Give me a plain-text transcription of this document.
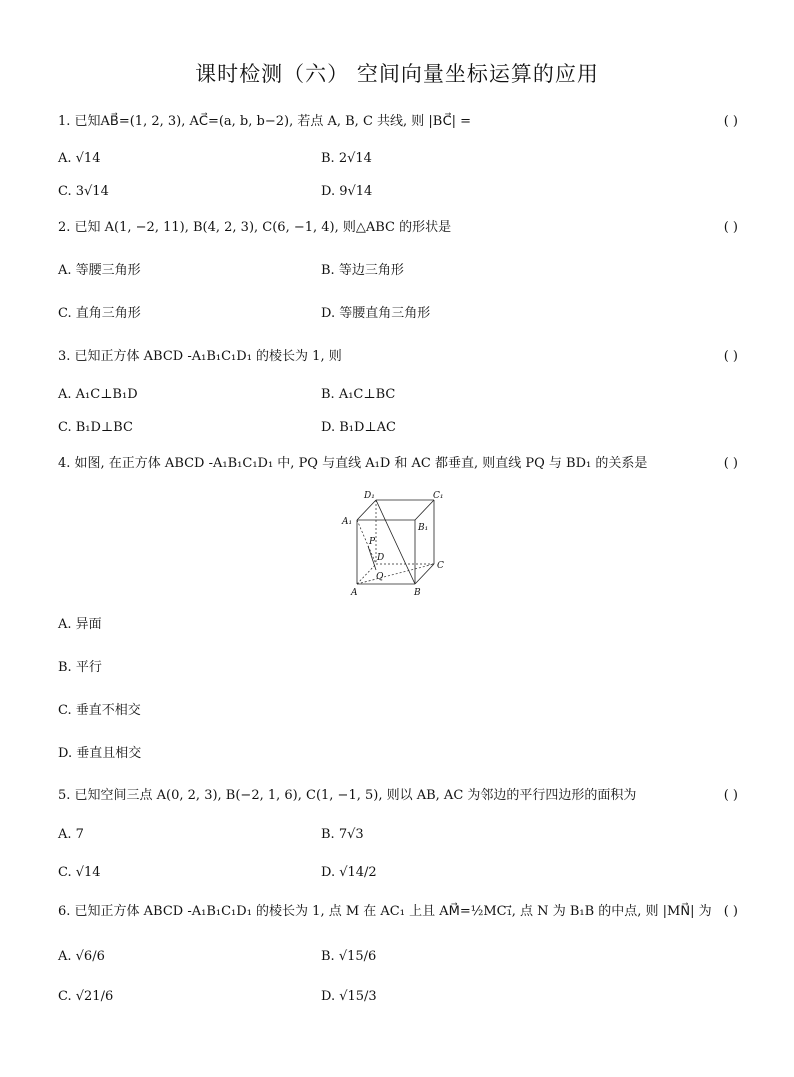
课时检测（六） 空间向量坐标运算的应用
1. 已知AB⃗=(1, 2, 3), AC⃗=(a, b, b−2), 若点 A, B, C 共线, 则 |BC⃗| =	( )
A. √14	B. 2√14
C. 3√14	D. 9√14
2. 已知 A(1, −2, 11), B(4, 2, 3), C(6, −1, 4), 则△ABC 的形状是	( )
A. 等腰三角形	B. 等边三角形
C. 直角三角形	D. 等腰直角三角形
3. 已知正方体 ABCD -A₁B₁C₁D₁ 的棱长为 1, 则	( )
A. A₁C⊥B₁D	B. A₁C⊥BC
C. B₁D⊥BC	D. B₁D⊥AC
4. 如图, 在正方体 ABCD -A₁B₁C₁D₁ 中, PQ 与直线 A₁D 和 AC 都垂直, 则直线 PQ 与 BD₁ 的关系是	( )
D₁	C₁
A₁
B₁
P
D
C
Q
A	B
A. 异面
B. 平行
C. 垂直不相交
D. 垂直且相交
5. 已知空间三点 A(0, 2, 3), B(−2, 1, 6), C(1, −1, 5), 则以 AB, AC 为邻边的平行四边形的面积为	( )
A. 7	B. 7√3
C. √14	D. √14/2
6. 已知正方体 ABCD -A₁B₁C₁D₁ 的棱长为 1, 点 M 在 AC₁ 上且 AM⃗=½MC₁⃗, 点 N 为 B₁B 的中点, 则 |MN⃗| 为 ( )
A. √6/6	B. √15/6
C. √21/6	D. √15/3
